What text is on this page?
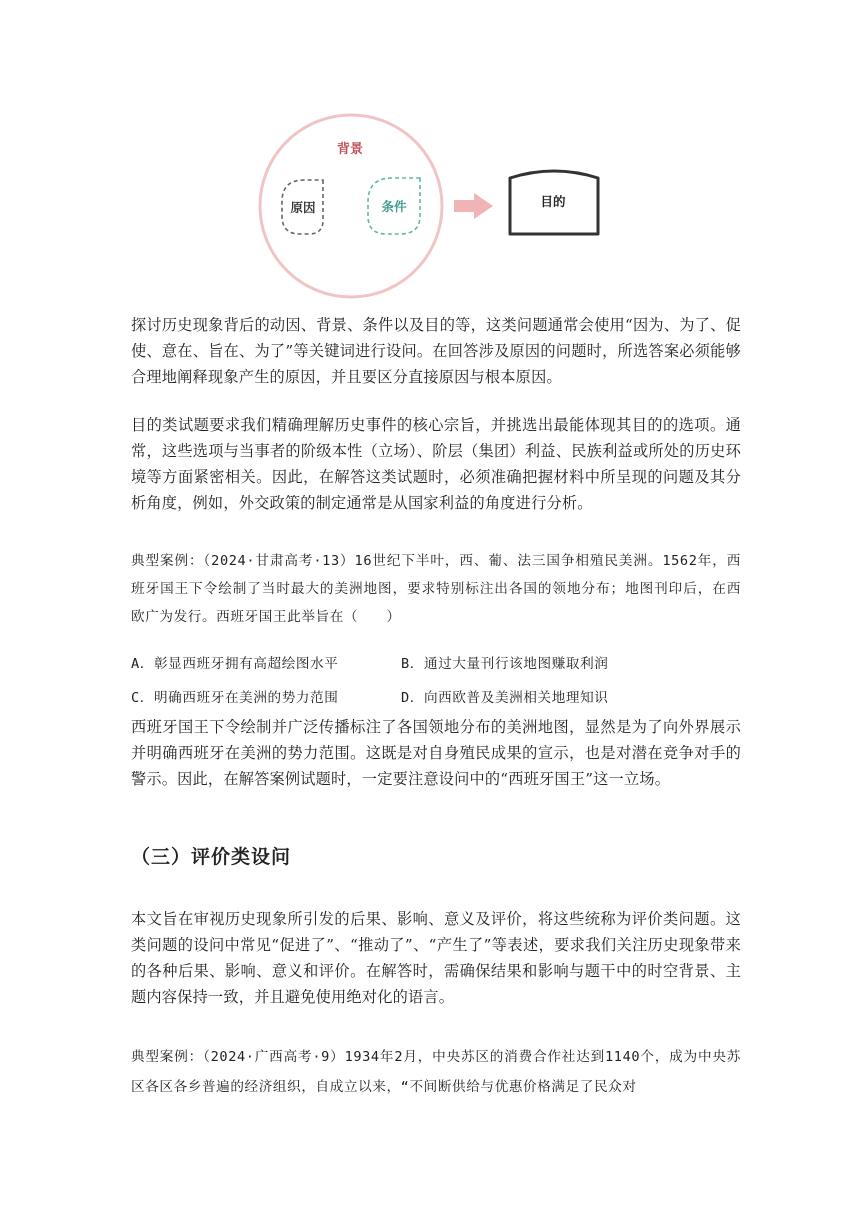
背景
原因	条件	目的

探讨历史现象背后的动因、背景、条件以及目的等，这类问题通常会使用“因为、为了、促使、意在、旨在、为了”等关键词进行设问。在回答涉及原因的问题时，所选答案必须能够合理地阐释现象产生的原因，并且要区分直接原因与根本原因。

目的类试题要求我们精确理解历史事件的核心宗旨，并挑选出最能体现其目的的选项。通常，这些选项与当事者的阶级本性（立场）、阶层（集团）利益、民族利益或所处的历史环境等方面紧密相关。因此，在解答这类试题时，必须准确把握材料中所呈现的问题及其分析角度，例如，外交政策的制定通常是从国家利益的角度进行分析。

典型案例：（2024·甘肃高考·13）16世纪下半叶，西、葡、法三国争相殖民美洲。1562年，西班牙国王下令绘制了当时最大的美洲地图，要求特别标注出各国的领地分布；地图刊印后，在西欧广为发行。西班牙国王此举旨在（　　）

A．彰显西班牙拥有高超绘图水平	B．通过大量刊行该地图赚取利润
C．明确西班牙在美洲的势力范围	D．向西欧普及美洲相关地理知识

西班牙国王下令绘制并广泛传播标注了各国领地分布的美洲地图，显然是为了向外界展示并明确西班牙在美洲的势力范围。这既是对自身殖民成果的宣示，也是对潜在竞争对手的警示。因此，在解答案例试题时，一定要注意设问中的“西班牙国王”这一立场。

（三）评价类设问

本文旨在审视历史现象所引发的后果、影响、意义及评价，将这些统称为评价类问题。这类问题的设问中常见“促进了”、“推动了”、“产生了”等表述，要求我们关注历史现象带来的各种后果、影响、意义和评价。在解答时，需确保结果和影响与题干中的时空背景、主题内容保持一致，并且避免使用绝对化的语言。

典型案例：（2024·广西高考·9）1934年2月，中央苏区的消费合作社达到1140个，成为中央苏区各区各乡普遍的经济组织，自成立以来，“不间断供给与优惠价格满足了民众对
